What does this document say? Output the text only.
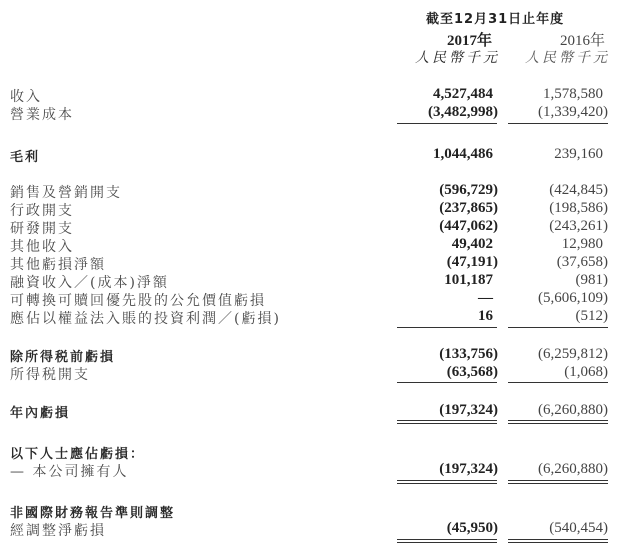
截至12月31日止年度
2017年	2016年
人民幣千元 人民幣千元
收入	4,527,484	1,578,580
營業成本	(3,482,998)	(1,339,420)
毛利	1,044,486	239,160
銷售及營銷開支	(596,729)	(424,845)
行政開支	(237,865)	(198,586)
研發開支	(447,062)	(243,261)
其他收入	49,402	12,980
其他虧損淨額	(47,191)	(37,658)
融資收入／(成本)淨額	101,187	(981)
可轉換可贖回優先股的公允價值虧損	—	(5,606,109)
應佔以權益法入賬的投資利潤／(虧損)	16	(512)
除所得税前虧損	(133,756)	(6,259,812)
所得税開支	(63,568)	(1,068)
年內虧損	(197,324)	(6,260,880)
以下人士應佔虧損：
— 本公司擁有人	(197,324)	(6,260,880)
非國際財務報告準則調整
經調整淨虧損	(45,950)	(540,454)
